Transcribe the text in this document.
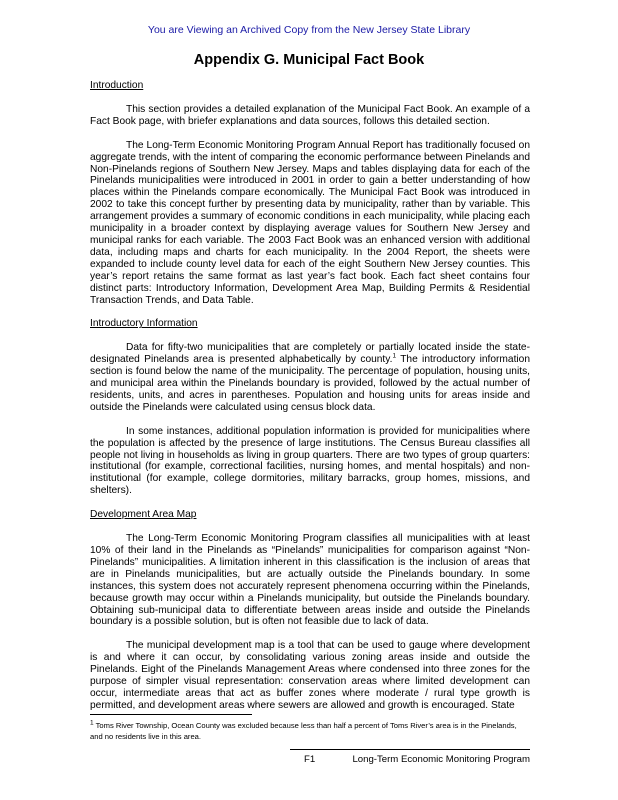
You are Viewing an Archived Copy from the New Jersey State Library
Appendix G. Municipal Fact Book

Introduction

This section provides a detailed explanation of the Municipal Fact Book. An example of a Fact Book page, with briefer explanations and data sources, follows this detailed section.

The Long-Term Economic Monitoring Program Annual Report has traditionally focused on aggregate trends, with the intent of comparing the economic performance between Pinelands and Non-Pinelands regions of Southern New Jersey. Maps and tables displaying data for each of the Pinelands municipalities were introduced in 2001 in order to gain a better understanding of how places within the Pinelands compare economically. The Municipal Fact Book was introduced in 2002 to take this concept further by presenting data by municipality, rather than by variable. This arrangement provides a summary of economic conditions in each municipality, while placing each municipality in a broader context by displaying average values for Southern New Jersey and municipal ranks for each variable. The 2003 Fact Book was an enhanced version with additional data, including maps and charts for each municipality. In the 2004 Report, the sheets were expanded to include county level data for each of the eight Southern New Jersey counties. This year’s report retains the same format as last year’s fact book. Each fact sheet contains four distinct parts: Introductory Information, Development Area Map, Building Permits & Residential Transaction Trends, and Data Table.

Introductory Information

Data for fifty-two municipalities that are completely or partially located inside the state-designated Pinelands area is presented alphabetically by county.$^1$ The introductory information section is found below the name of the municipality. The percentage of population, housing units, and municipal area within the Pinelands boundary is provided, followed by the actual number of residents, units, and acres in parentheses. Population and housing units for areas inside and outside the Pinelands were calculated using census block data.

In some instances, additional population information is provided for municipalities where the population is affected by the presence of large institutions. The Census Bureau classifies all people not living in households as living in group quarters. There are two types of group quarters: institutional (for example, correctional facilities, nursing homes, and mental hospitals) and non-institutional (for example, college dormitories, military barracks, group homes, missions, and shelters).

Development Area Map

The Long-Term Economic Monitoring Program classifies all municipalities with at least 10% of their land in the Pinelands as “Pinelands” municipalities for comparison against “Non-Pinelands” municipalities. A limitation inherent in this classification is the inclusion of areas that are in Pinelands municipalities, but are actually outside the Pinelands boundary. In some instances, this system does not accurately represent phenomena occurring within the Pinelands, because growth may occur within a Pinelands municipality, but outside the Pinelands boundary. Obtaining sub-municipal data to differentiate between areas inside and outside the Pinelands boundary is a possible solution, but is often not feasible due to lack of data.

The municipal development map is a tool that can be used to gauge where development is and where it can occur, by consolidating various zoning areas inside and outside the Pinelands. Eight of the Pinelands Management Areas where condensed into three zones for the purpose of simpler visual representation: conservation areas where limited development can occur, intermediate areas that act as buffer zones where moderate / rural type growth is permitted, and development areas where sewers are allowed and growth is encouraged. State

$^1$ Toms River Township, Ocean County was excluded because less than half a percent of Toms River’s area is in the Pinelands, and no residents live in this area.
F1	Long-Term Economic Monitoring Program
